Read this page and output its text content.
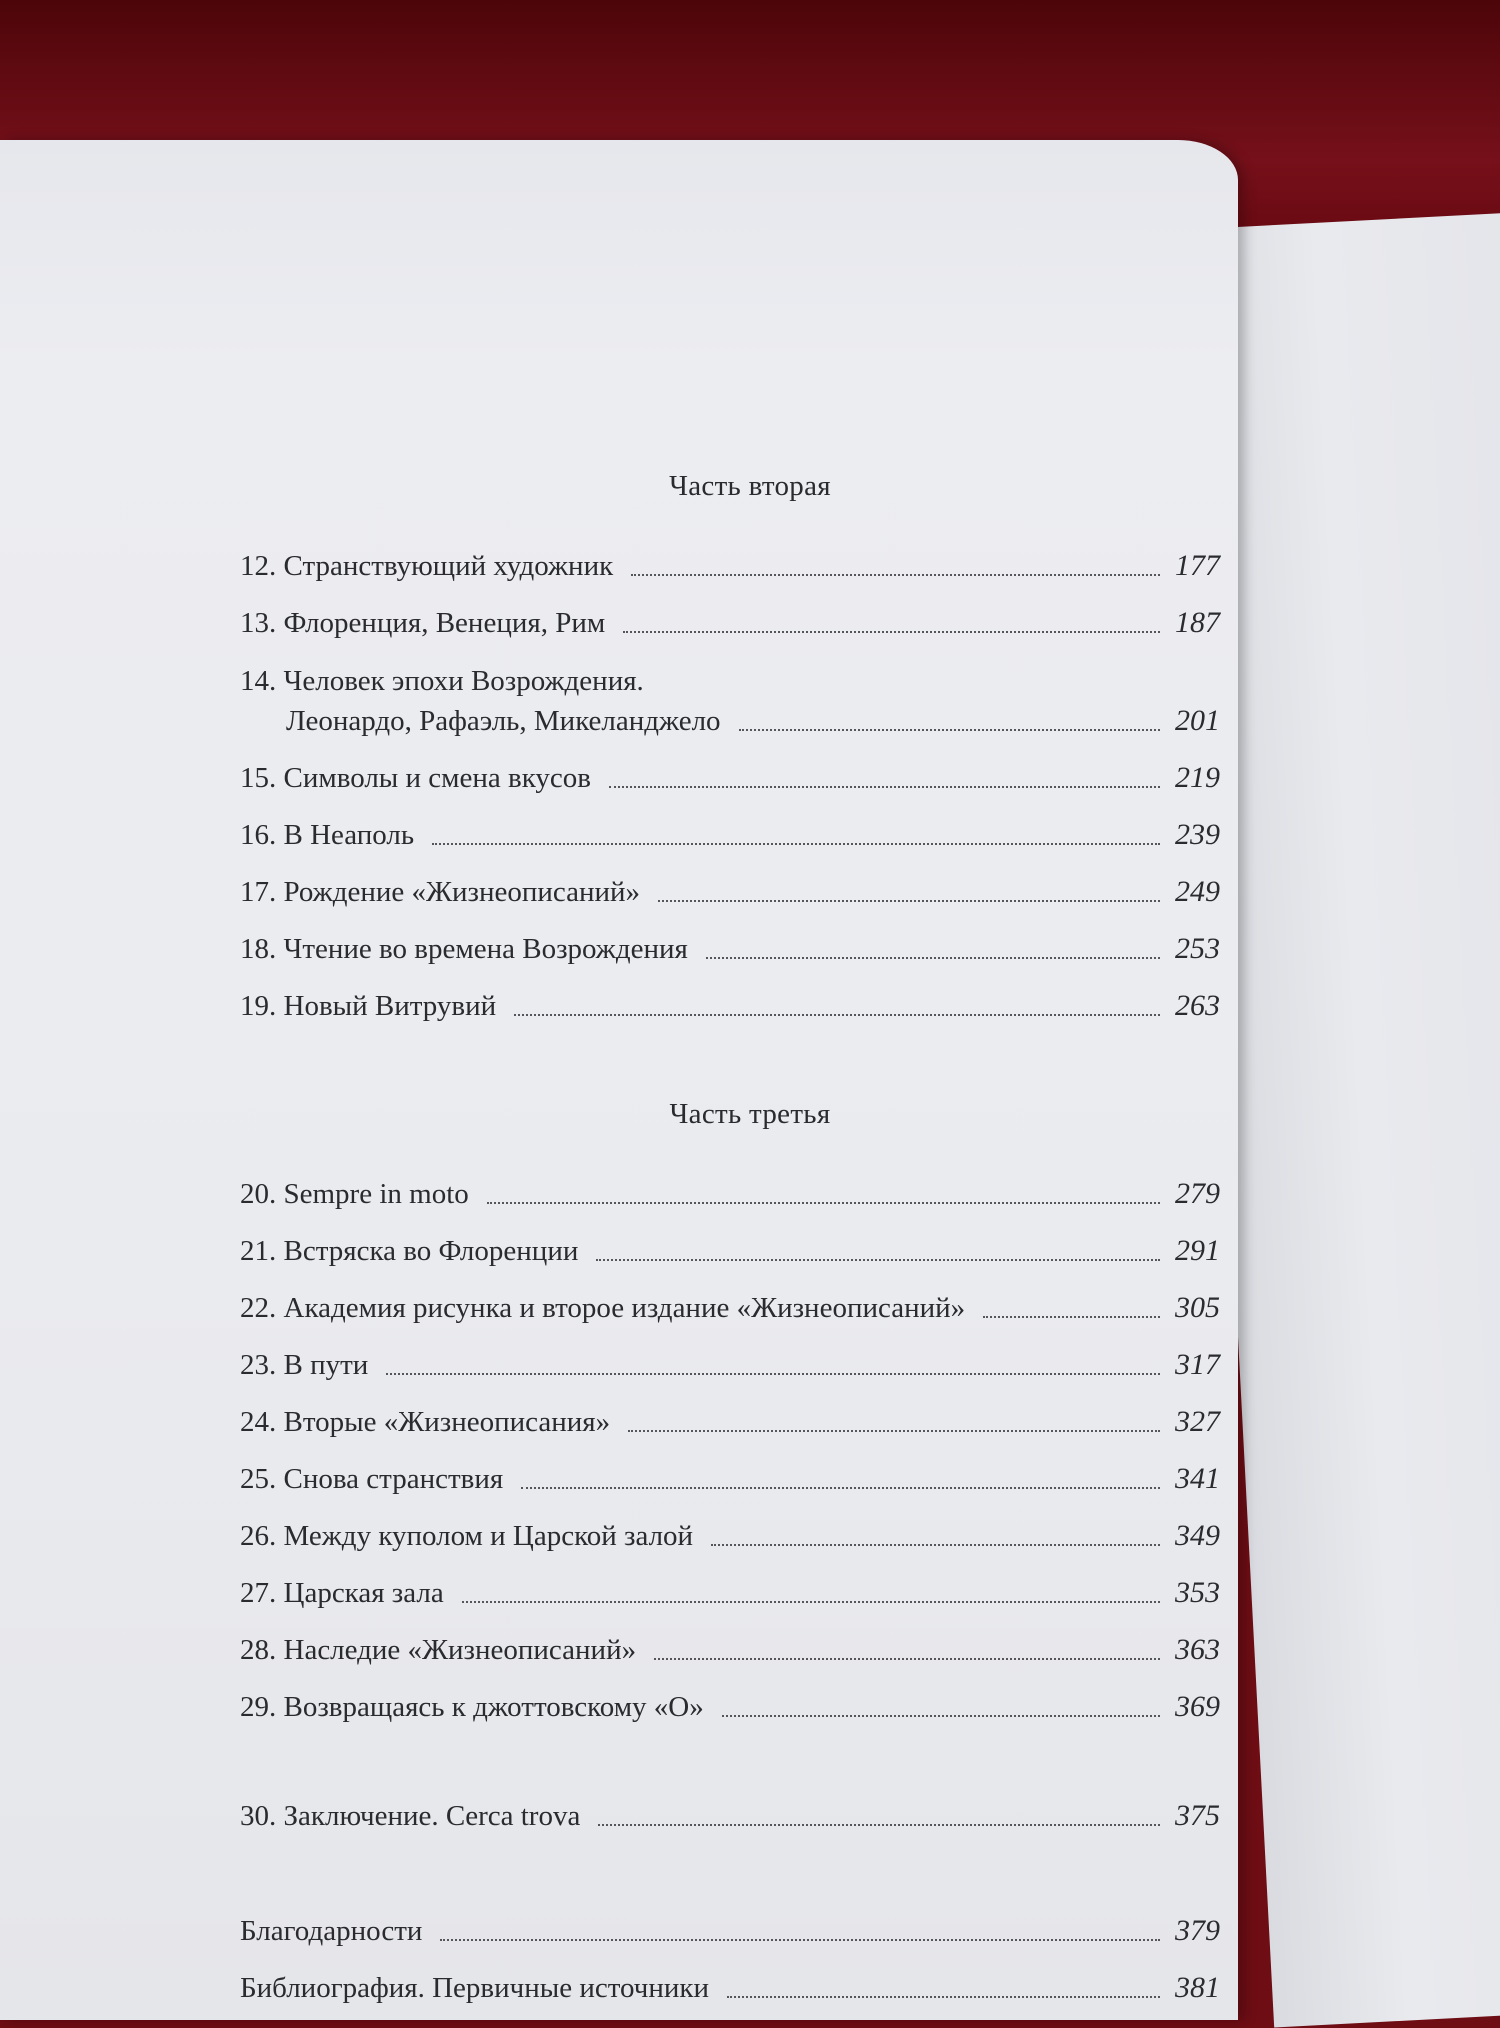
Часть вторая
12. Странствующий художник	177
13. Флоренция, Венеция, Рим	187
14. Человек эпохи Возрождения.
Леонардо, Рафаэль, Микеланджело	201
15. Символы и смена вкусов	219
16. В Неаполь	239
17. Рождение «Жизнеописаний»	249
18. Чтение во времена Возрождения	253
19. Новый Витрувий	263
Часть третья
20. Sempre in moto	279
21. Встряска во Флоренции	291
22. Академия рисунка и второе издание «Жизнеописаний»	305
23. В пути	317
24. Вторые «Жизнеописания»	327
25. Снова странствия	341
26. Между куполом и Царской залой	349
27. Царская зала	353
28. Наследие «Жизнеописаний»	363
29. Возвращаясь к джоттовскому «О»	369
30. Заключение. Cerca trova	375
Благодарности	379
Библиография. Первичные источники	381
